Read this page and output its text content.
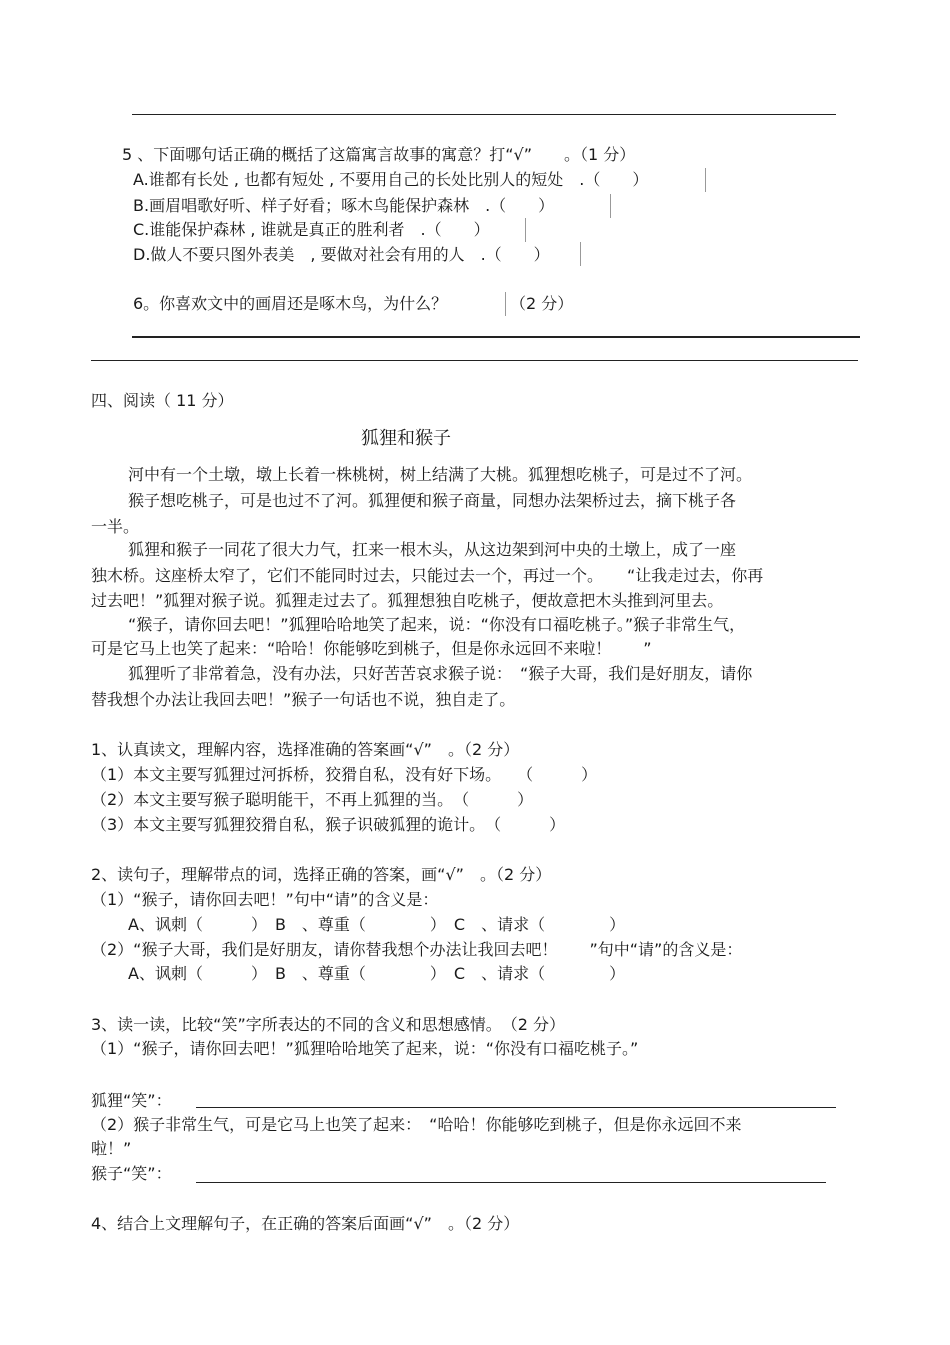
5 、下面哪句话正确的概括了这篇寓言故事的寓意？打“√”　　。（1 分）
A.谁都有长处 , 也都有短处 , 不要用自己的长处比别人的短处　.（　　）
B.画眉唱歌好听、样子好看；啄木鸟能保护森林　.（　　）
C.谁能保护森林 , 谁就是真正的胜利者　.（　　）
D.做人不要只图外表美　, 要做对社会有用的人　.（　　）
6。你喜欢文中的画眉还是啄木鸟，为什么？	（2 分）
四、阅读（ 11 分）
狐狸和猴子
河中有一个土墩，墩上长着一株桃树，树上结满了大桃。狐狸想吃桃子，可是过不了河。
猴子想吃桃子，可是也过不了河。狐狸便和猴子商量，同想办法架桥过去，摘下桃子各
一半。
狐狸和猴子一同花了很大力气，扛来一根木头，从这边架到河中央的土墩上，成了一座
独木桥。这座桥太窄了，它们不能同时过去，只能过去一个，再过一个。　　“让我走过去，你再
过去吧！”狐狸对猴子说。狐狸走过去了。狐狸想独自吃桃子，便故意把木头推到河里去。
“猴子，请你回去吧！”狐狸哈哈地笑了起来，说：“你没有口福吃桃子。”猴子非常生气，
可是它马上也笑了起来：“哈哈！你能够吃到桃子，但是你永远回不来啦！　　”
狐狸听了非常着急，没有办法，只好苦苦哀求猴子说：　“猴子大哥，我们是好朋友，请你
替我想个办法让我回去吧！”猴子一句话也不说，独自走了。
1、认真读文，理解内容，选择准确的答案画“√”　。（2 分）
（1）本文主要写狐狸过河拆桥，狡猾自私，没有好下场。　　（　　　）
（2）本文主要写猴子聪明能干，不再上狐狸的当。　（　　　）
（3）本文主要写狐狸狡猾自私，猴子识破狐狸的诡计。　（　　　）
2、读句子，理解带点的词，选择正确的答案，画“√”　。（2 分）
（1）“猴子，请你回去吧！”句中“请”的含义是：
A、讽刺（　　　）　B　、尊重（　　　　）　C　、请求（　　　　）
（2）“猴子大哥，我们是好朋友，请你替我想个办法让我回去吧！　　”句中“请”的含义是：
A、讽刺（　　　）　B　、尊重（　　　　）　C　、请求（　　　　）
3、读一读，比较“笑”字所表达的不同的含义和思想感情。　（2 分）
（1）“猴子，请你回去吧！”狐狸哈哈地笑了起来，说：“你没有口福吃桃子。”
狐狸“笑”：
（2）猴子非常生气，可是它马上也笑了起来：　“哈哈！你能够吃到桃子，但是你永远回不来
啦！”
猴子“笑”：
4、结合上文理解句子，在正确的答案后面画“√”　。（2 分）
